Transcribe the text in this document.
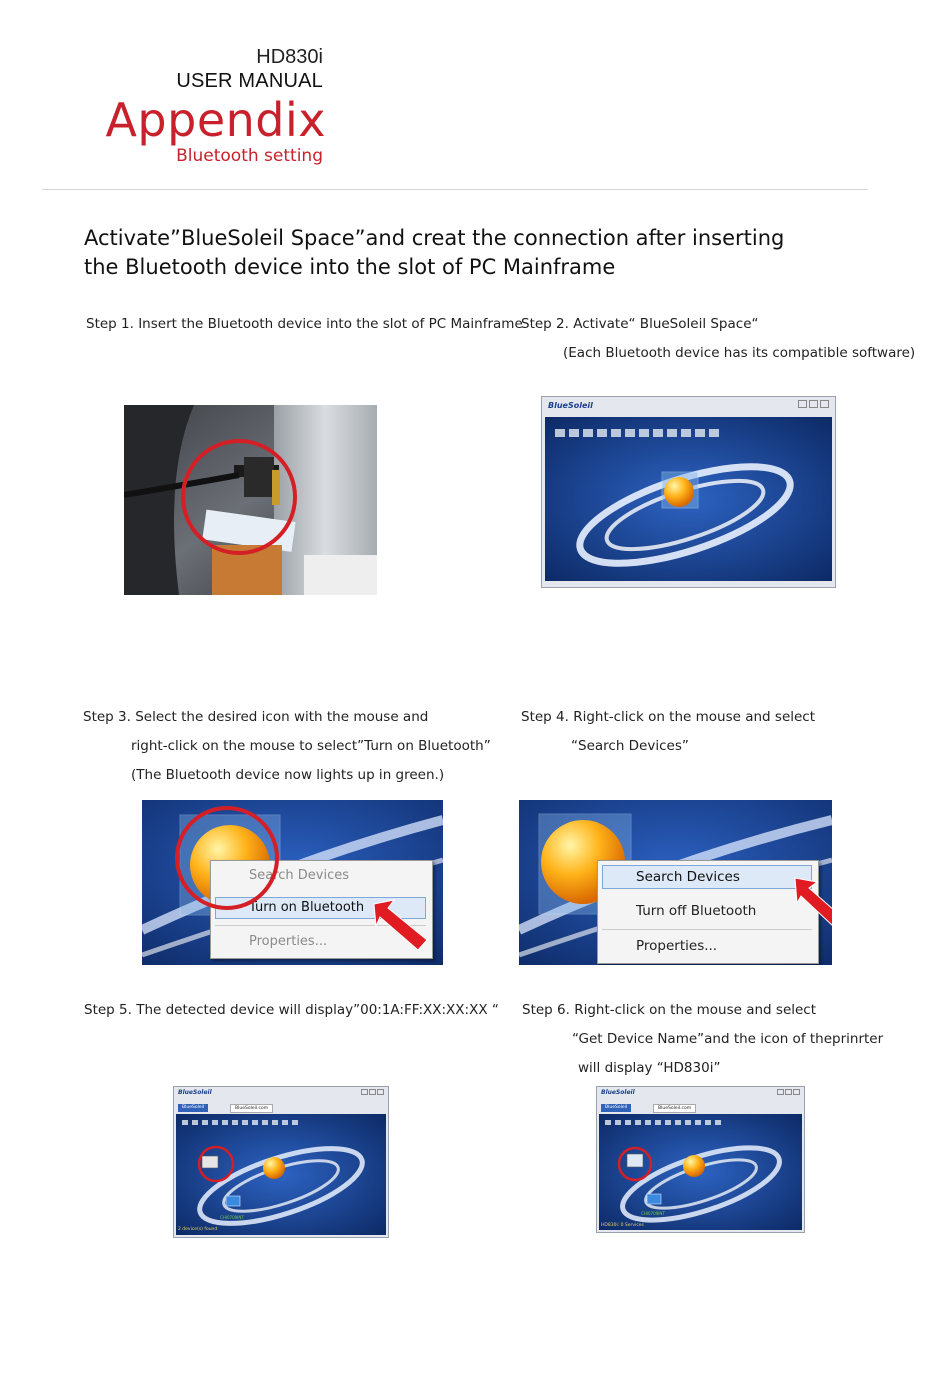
HD830i
USER MANUAL
Appendix
Bluetooth setting
Activate”BlueSoleil Space”and creat the connection after inserting
the Bluetooth device into the slot of PC Mainframe
Step 1. Insert the Bluetooth device into the slot of PC Mainframe
Step 2. Activate“ BlueSoleil Space“
(Each Bluetooth device has its compatible software)
BlueSoleil
Step 3. Select the desired icon with the mouse and
right-click on the mouse to select”Turn on Bluetooth”
(The Bluetooth device now lights up in green.)
Search Devices
Turn on Bluetooth
Properties...
Step 4. Right-click on the mouse and select
“Search Devices”
Search Devices
Turn off Bluetooth
Properties...
Step 5. The detected device will display”00:1A:FF:XX:XX:XX “
BlueSoleil
BlueSoleil	BlueSoleil.com
CHI0709INT
2 device(s) found
Step 6. Right-click on the mouse and select
“Get Device Name”and the icon of theprinrter
will display “HD830i”
BlueSoleil
BlueSoleil	BlueSoleil.com
CHI0709INT
HD830i: 0 Services
